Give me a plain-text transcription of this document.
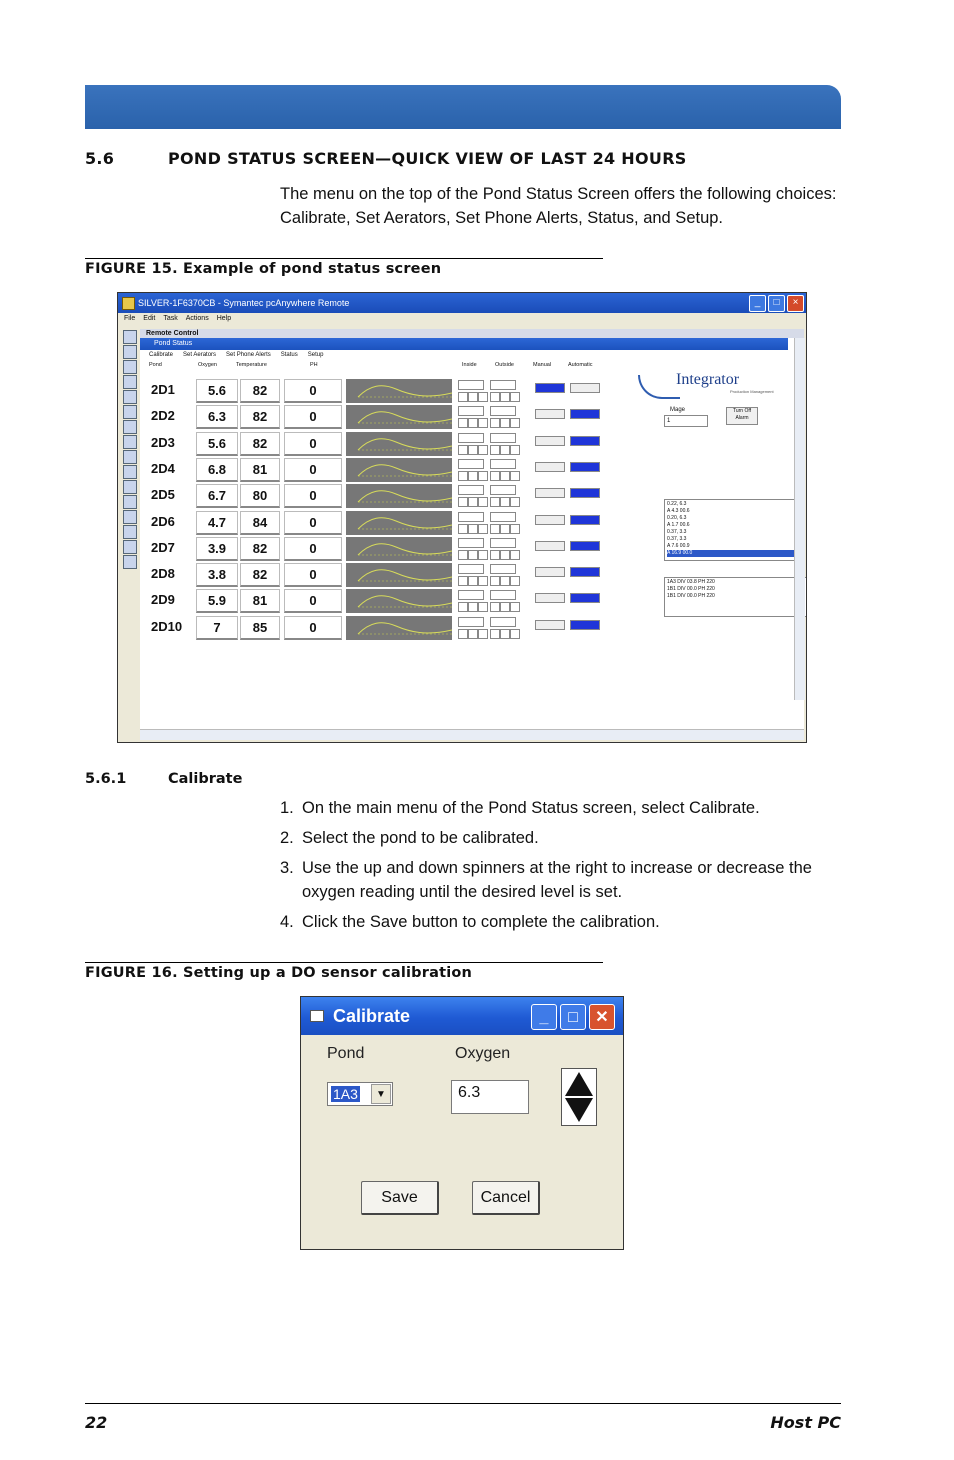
5.6	POND STATUS SCREEN—QUICK VIEW OF LAST 24 HOURS
The menu on the top of the Pond Status Screen offers the following choices: Calibrate, Set Aerators, Set Phone Alerts, Status, and Setup.
FIGURE 15. Example of pond status screen
SILVER-1F6370CB - Symantec pcAnywhere Remote	_	□	×
File Edit Task Actions Help
Remote Control
Pond Status
Calibrate Set Aerators Set Phone Alerts Status Setup
Pond	Oxygen	Temperature	PH	Inside	Outside	Manual	Automatic
2D1	5.6	82	0
2D2	6.3	82	0
2D3	5.6	82	0
2D4	6.8	81	0
2D5	6.7	80	0
2D6	4.7	84	0
2D7	3.9	82	0
2D8	3.8	82	0
2D9	5.9	81	0
2D10	7	85	0
Integrator
Production Management
Mage
1
Turn Off Alarm
0.22, 6.3
A 4.3 00.6
0.20, 6.3
A 1.7 00.6
0.37, 3.3
0.37, 3.3
A 7.6 00.9
A 16.9 00.0
1A3 DIV 03.8 PH 220
1B1 DIV 00.0 PH 220
1B1 DIV 00.0 PH 220
5.6.1	Calibrate
1. On the main menu of the Pond Status screen, select Calibrate.
2. Select the pond to be calibrated.
3. Use the up and down spinners at the right to increase or decrease the oxygen reading until the desired level is set.
4. Click the Save button to complete the calibration.
FIGURE 16. Setting up a DO sensor calibration
Calibrate	_	□	✕
Pond	Oxygen
1A3	▼	6.3
Save	Cancel
22	Host PC
